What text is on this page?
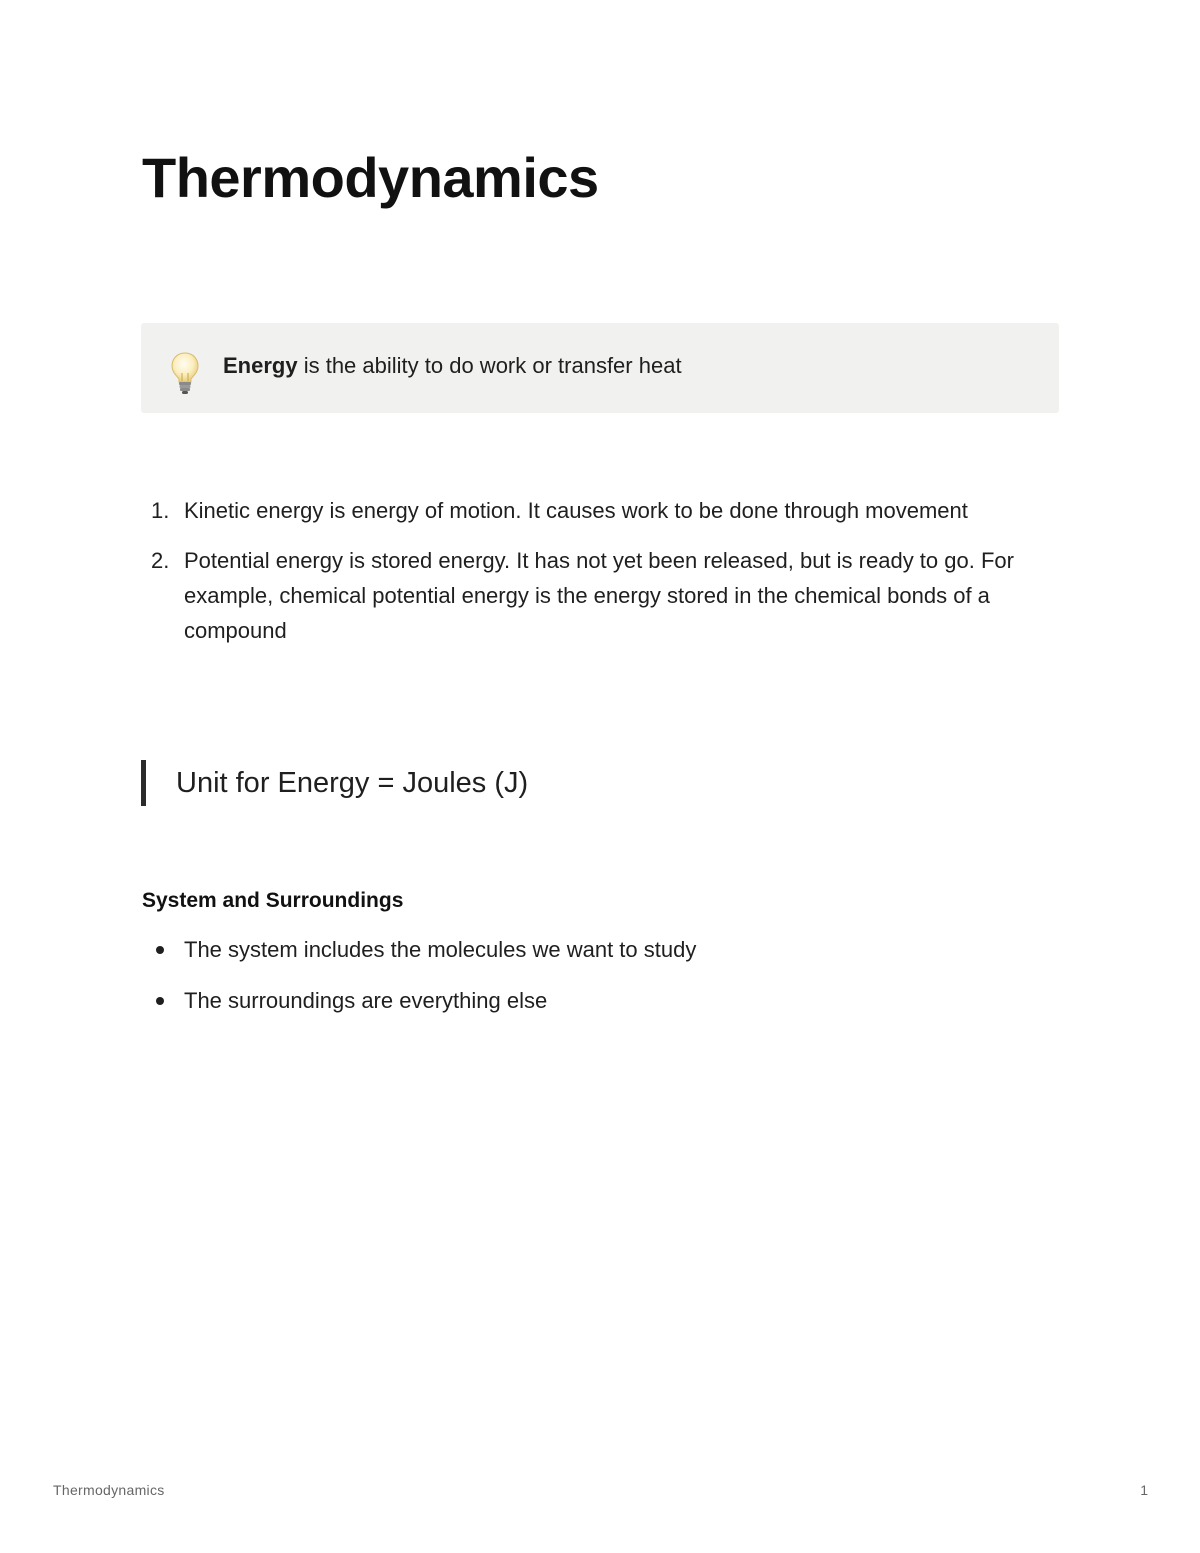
Thermodynamics
Energy is the ability to do work or transfer heat
1. Kinetic energy is energy of motion. It causes work to be done through movement
2. Potential energy is stored energy. It has not yet been released, but is ready to go. For example, chemical potential energy is the energy stored in the chemical bonds of a compound
Unit for Energy = Joules (J)
System and Surroundings
The system includes the molecules we want to study
The surroundings are everything else
Thermodynamics	1
